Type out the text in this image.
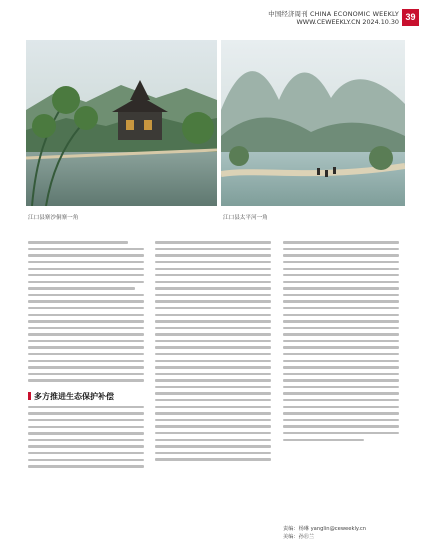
中国经济周刊 CHINA ECONOMIC WEEKLY
WWW.CEWEEKLY.CN 2024.10.30 39
江口县寨沙侗寨一角	江口县太平河一角
多方推进生态保护补偿
责编：杨琳 yanglin@ceweekly.cn
美编：孙Ⓡ兰
